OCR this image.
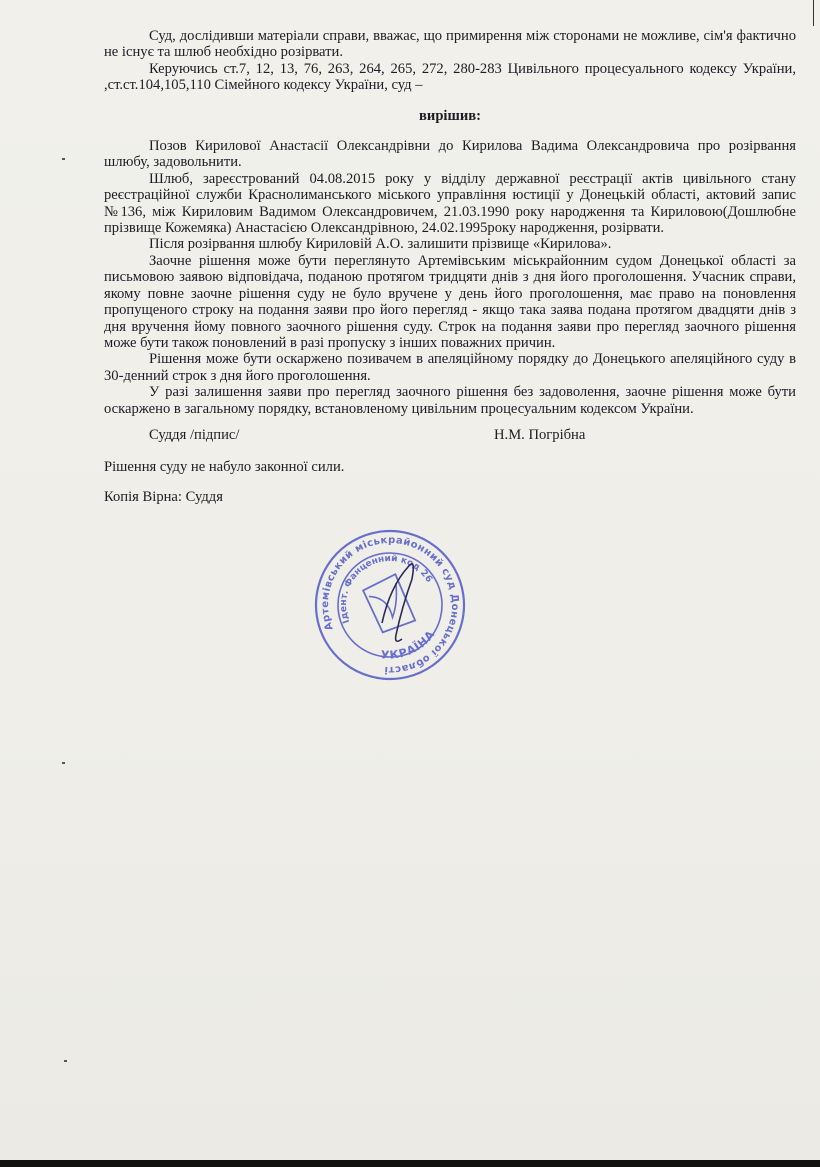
Суд, дослідивши матеріали справи, вважає, що примирення між сторонами не можливе, сім'я фактично не існує та шлюб необхідно розірвати.

Керуючись ст.7, 12, 13, 76, 263, 264, 265, 272, 280-283 Цивільного процесуального кодексу України, ,ст.ст.104,105,110 Сімейного кодексу України, суд –

вирішив:

Позов Кирилової Анастасії Олександрівни до Кирилова Вадима Олександровича про розірвання шлюбу, задовольнити.

Шлюб, зареєстрований 04.08.2015 року у відділу державної реєстрації актів цивільного стану реєстраційної служби Краснолиманського міського управління юстиції у Донецькій області, актовий запис №136, між Кириловим Вадимом Олександровичем, 21.03.1990 року народження та Кириловою(Дошлюбне прізвище Кожемяка) Анастасією Олександрівною, 24.02.1995року народження, розірвати.

Після розірвання шлюбу Кириловій А.О. залишити прізвище «Кирилова».

Заочне рішення може бути переглянуто Артемівським міськрайонним судом Донецької області за письмовою заявою відповідача, поданою протягом тридцяти днів з дня його проголошення. Учасник справи, якому повне заочне рішення суду не було вручене у день його проголошення, має право на поновлення пропущеного строку на подання заяви про його перегляд - якщо така заява подана протягом двадцяти днів з дня вручення йому повного заочного рішення суду. Строк на подання заяви про перегляд заочного рішення може бути також поновлений в разі пропуску з інших поважних причин.

Рішення може бути оскаржено позивачем в апеляційному порядку до Донецького апеляційного суду в 30-денний строк з дня його проголошення.

У разі залишення заяви про перегляд заочного рішення без задоволення, заочне рішення може бути оскаржено в загальному порядку, встановленому цивільним процесуальним кодексом України.

Суддя /підпис/	Н.М. Погрібна

Рішення суду не набуло законної сили.

Копія Вірна: Суддя

Артемівський міськрайонний суд Донецької області
УКРАЇНА
Ідент. Фанценний код 26503744
